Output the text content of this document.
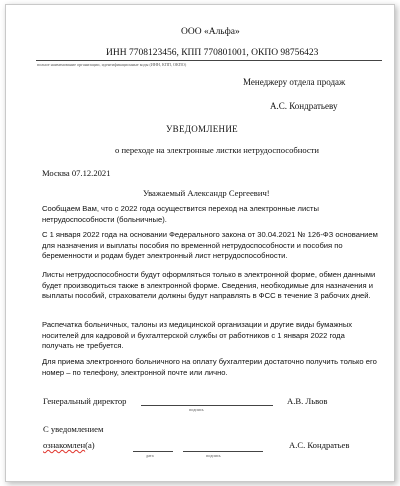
ООО «Альфа»
ИНН 7708123456, КПП 770801001, ОКПО 98756423
полное наименование организации, идентификационные коды (ИНН, КПП, ОКПО)
Менеджеру отдела продаж
А.С. Кондратьеву
УВЕДОМЛЕНИЕ
о переходе на электронные листки нетрудоспособности
Москва 07.12.2021
Уважаемый Александр Сергеевич!
Сообщаем Вам, что с 2022 года осуществится переход на электронные листы нетрудоспособности (больничные).
С 1 января 2022 года на основании Федерального закона от 30.04.2021 № 126-ФЗ основанием для назначения и выплаты пособия по временной нетрудоспособности и пособия по беременности и родам будет электронный лист нетрудоспособности.
Листы нетрудоспособности будут оформляться только в электронной форме, обмен данными будет производиться также в электронной форме. Сведения, необходимые для назначения и выплаты пособий, страхователи должны будут направлять в ФСС в течение 3 рабочих дней.
Распечатка больничных, талоны из медицинской организации и другие виды бумажных носителей для кадровой и бухгалтерской службы от работников с 1 января 2022 года получать не требуется.
Для приема электронного больничного на оплату бухгалтерии достаточно получить только его номер – по телефону, электронной почте или лично.
Генеральный директор
подпись
А.В. Львов
С уведомлением
ознакомлен(а)
дата	подпись
А.С. Кондратьев
